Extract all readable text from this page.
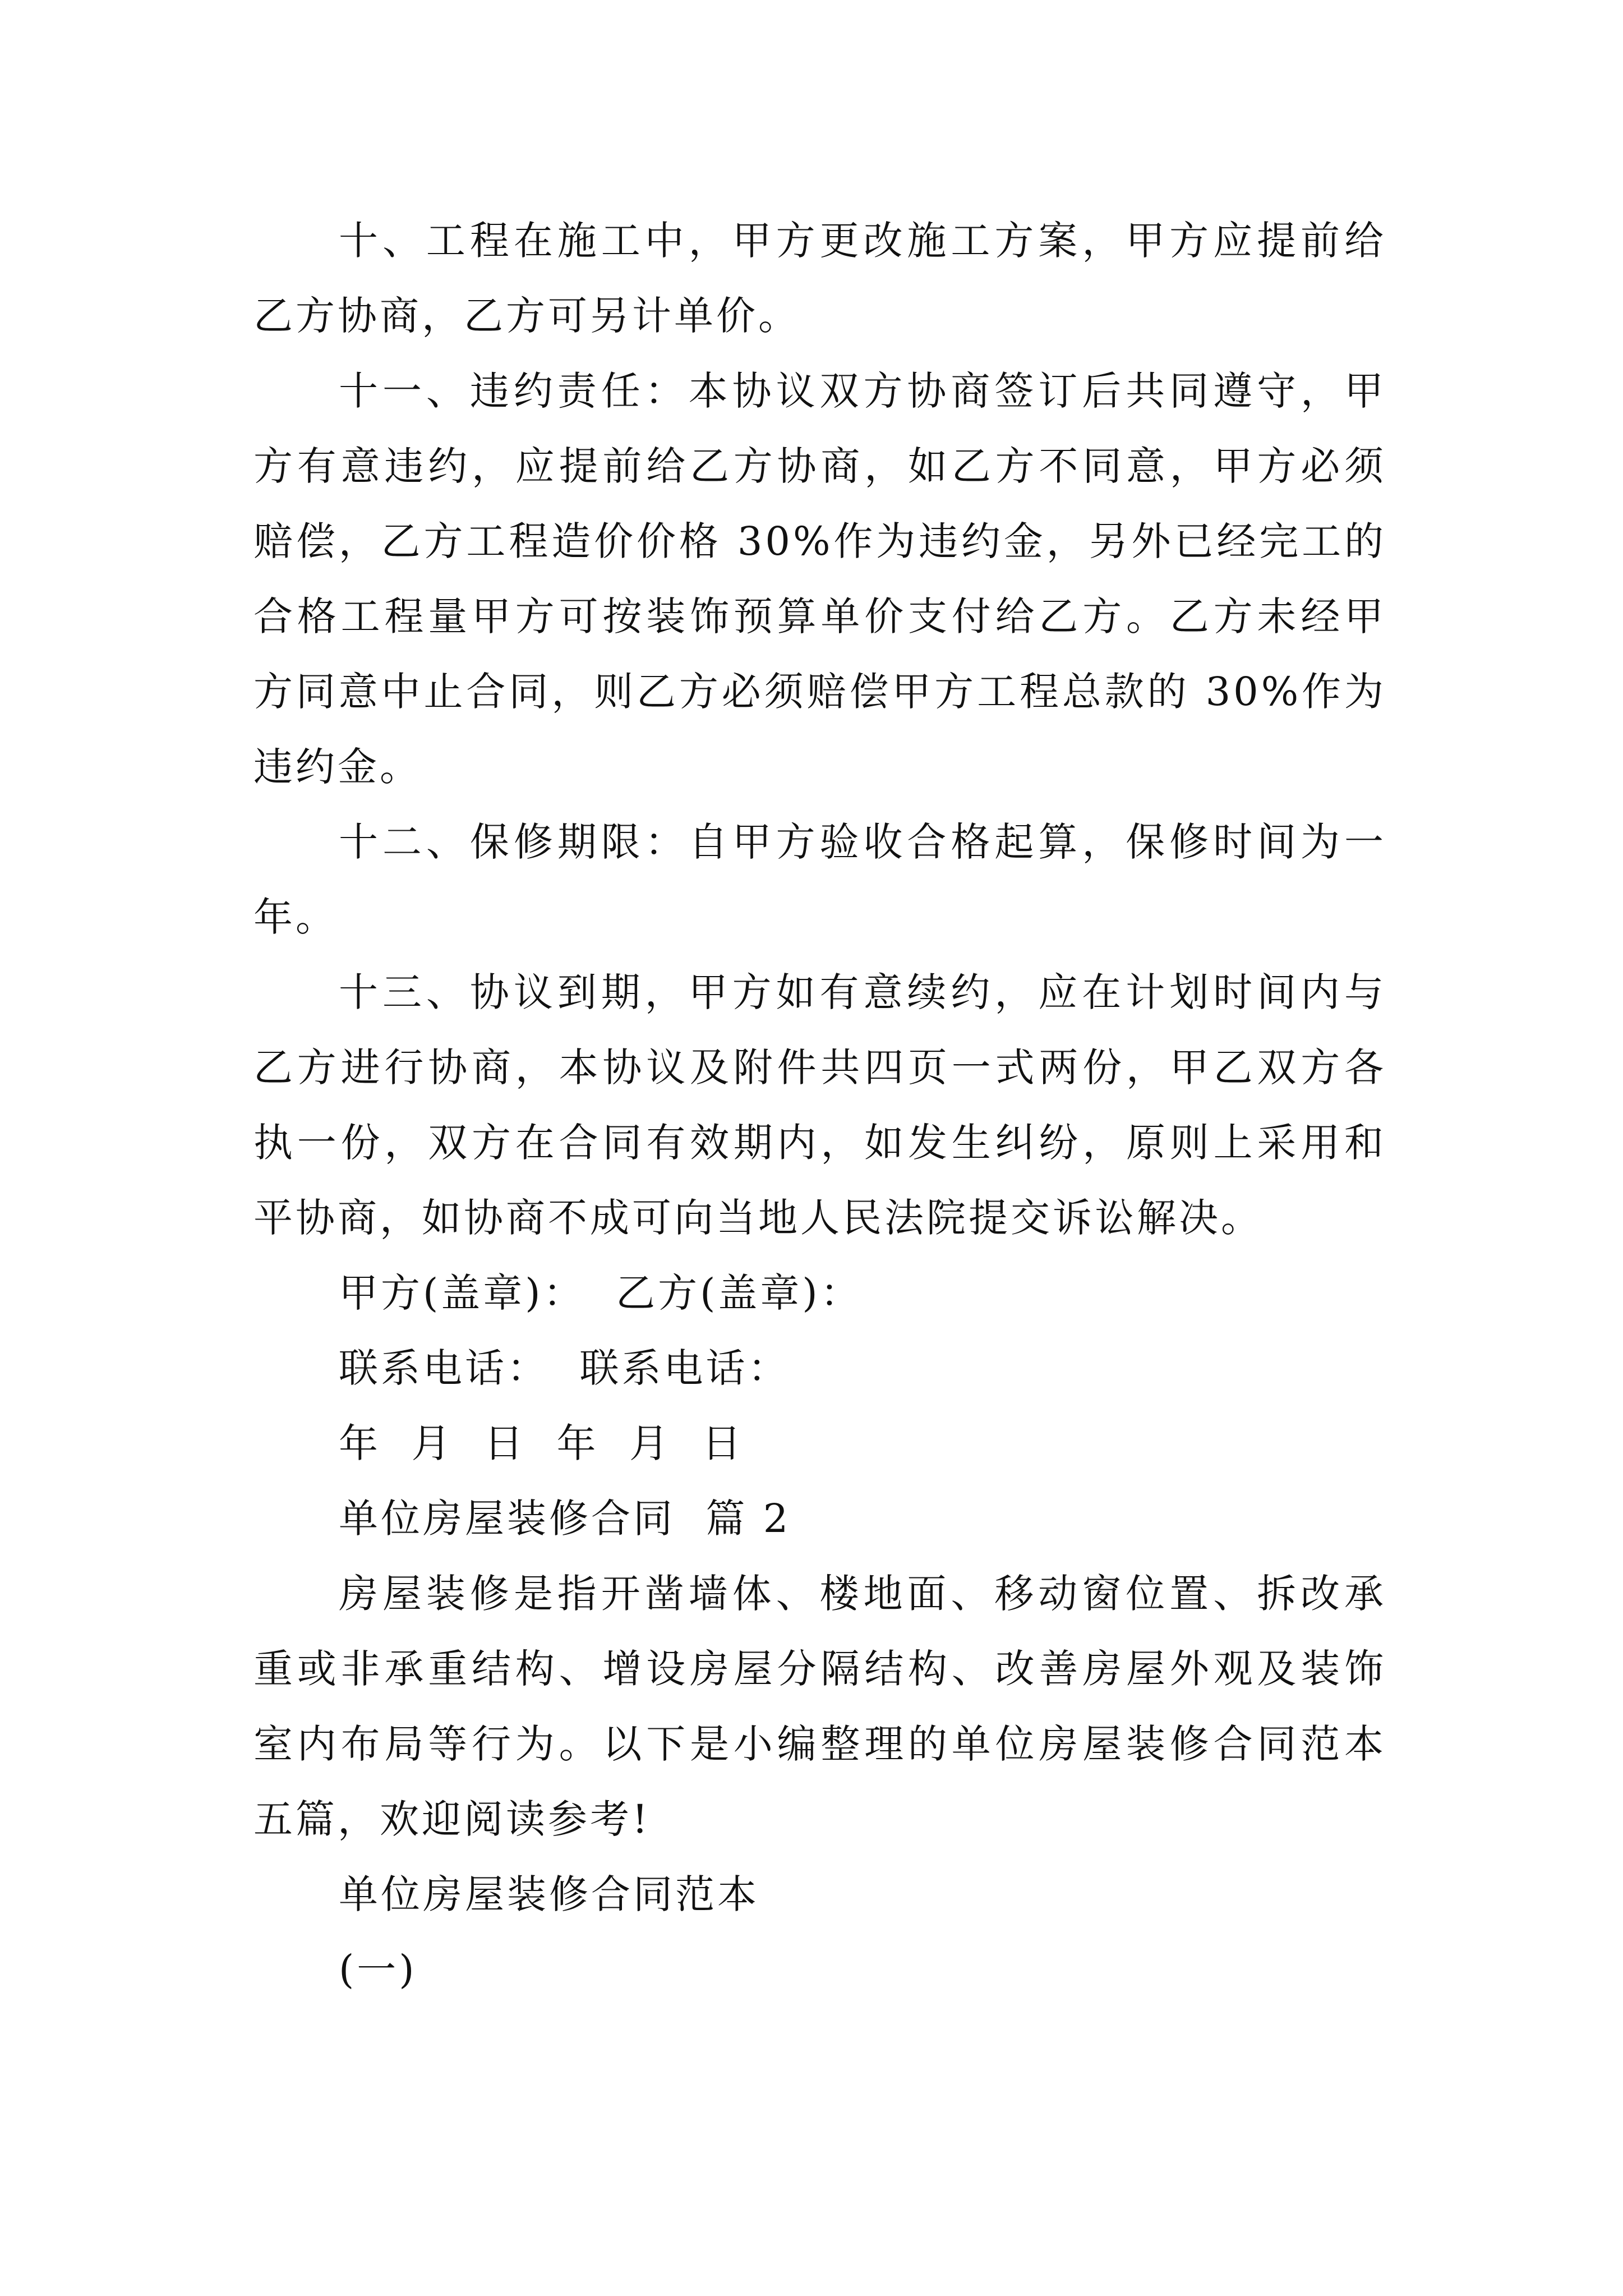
十、工程在施工中，甲方更改施工方案，甲方应提前给乙方协商，乙方可另计单价。

十一、违约责任：本协议双方协商签订后共同遵守，甲方有意违约，应提前给乙方协商，如乙方不同意，甲方必须赔偿，乙方工程造价价格 30%作为违约金，另外已经完工的合格工程量甲方可按装饰预算单价支付给乙方。乙方未经甲方同意中止合同，则乙方必须赔偿甲方工程总款的 30%作为违约金。

十二、保修期限：自甲方验收合格起算，保修时间为一年。

十三、协议到期，甲方如有意续约，应在计划时间内与乙方进行协商，本协议及附件共四页一式两份，甲乙双方各执一份，双方在合同有效期内，如发生纠纷，原则上采用和平协商，如协商不成可向当地人民法院提交诉讼解决。

甲方(盖章)：  乙方(盖章)：

联系电话：  联系电话：

年  月  日  年  月  日

单位房屋装修合同  篇 2

房屋装修是指开凿墙体、楼地面、移动窗位置、拆改承重或非承重结构、增设房屋分隔结构、改善房屋外观及装饰室内布局等行为。以下是小编整理的单位房屋装修合同范本五篇，欢迎阅读参考!

单位房屋装修合同范本

(一)
